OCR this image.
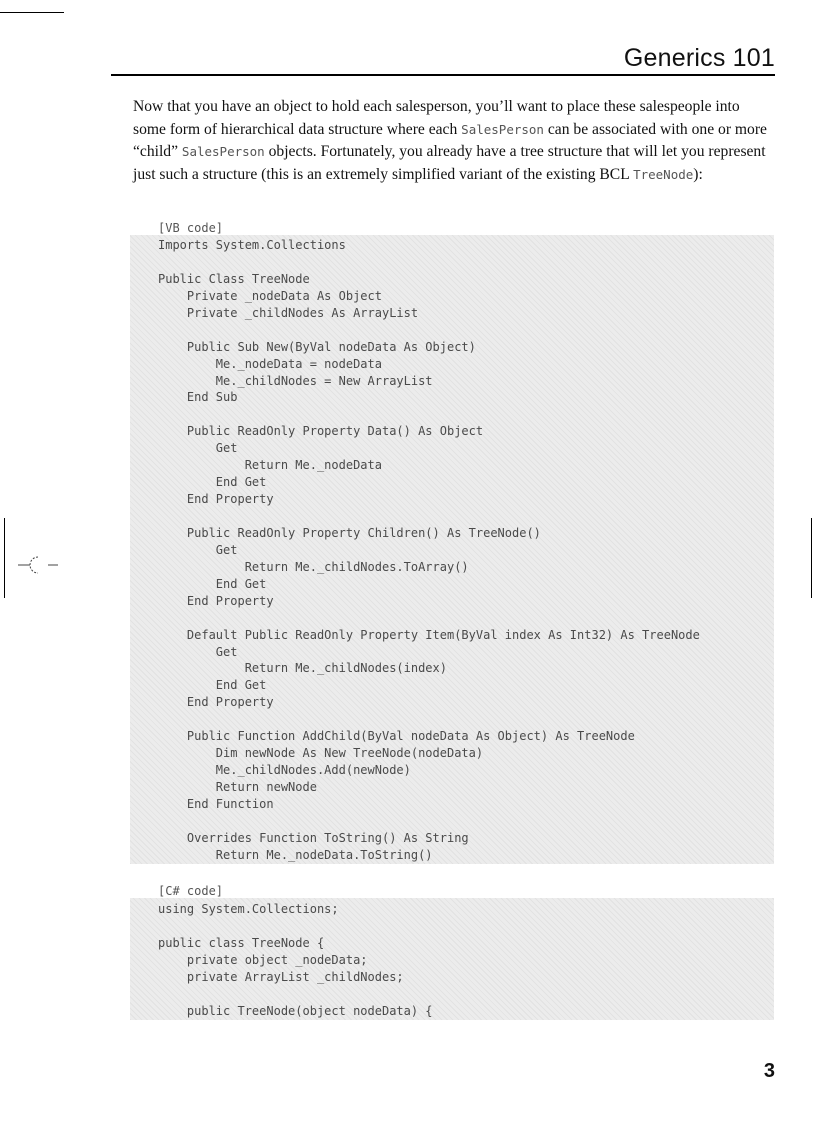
Generics 101

Now that you have an object to hold each salesperson, you’ll want to place these salespeople into some form of hierarchical data structure where each SalesPerson can be associated with one or more “child” SalesPerson objects. Fortunately, you already have a tree structure that will let you represent just such a structure (this is an extremely simplified variant of the existing BCL TreeNode):

[VB code]
Imports System.Collections
Public Class TreeNode
Private _nodeData As Object
Private _childNodes As ArrayList
Public Sub New(ByVal nodeData As Object)
Me._nodeData = nodeData
Me._childNodes = New ArrayList
End Sub
Public ReadOnly Property Data() As Object
Get
Return Me._nodeData
End Get
End Property
Public ReadOnly Property Children() As TreeNode()
Get
Return Me._childNodes.ToArray()
End Get
End Property
Default Public ReadOnly Property Item(ByVal index As Int32) As TreeNode
Get
Return Me._childNodes(index)
End Get
End Property
Public Function AddChild(ByVal nodeData As Object) As TreeNode
Dim newNode As New TreeNode(nodeData)
Me._childNodes.Add(newNode)
Return newNode
End Function
Overrides Function ToString() As String
Return Me._nodeData.ToString()
[C# code]
using System.Collections;
public class TreeNode {
private object _nodeData;
private ArrayList _childNodes;
public TreeNode(object nodeData) {
3
